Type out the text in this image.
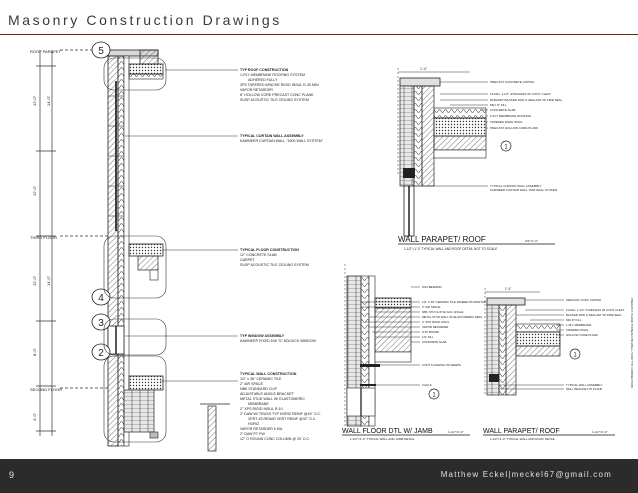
Masonry Construction Drawings
12'-0"
12'-0"
12'-0"
8'-0"
14'-0"
14'-0"
4'-0"
ROOF PARAPET
THIRD FLOOR
SECOND FLOOR
5
4
3
2
TYP ROOF CONSTRUCTION
1-PLY MEMBRANE ROOFING SYSTEM
ADHERED FULLY
2PS TAPERED APACHE RIGID INSUL R-30 MIN
VAPOR RETARDER
8" HOLLOW CORE PRECAST CONC PLANK
SUSP ACOUSTIC TILE CEILING SYSTEM
TYPICAL CURTAIN WALL ASSEMBLY
KAWNEER CURTAIN WALL "1600 WALL SYSTEM"
TYPICAL FLOOR CONSTRUCTION
12" CONCRETE SLAB
CARPET
SUSP ACOUSTIC TILE CEILING SYSTEM
TYP WINDOW ASSEMBLY
KAWNEER FIXED 6X6 TC 8OLDICK WINDOW
TYPICAL WALL CONSTRUCTION
1/2" x 36" CERAMIC TILE
2" AIR SPACE
NBK STANDARD CLIP
ADJUSTABLE ANGLE BRACKET
METAL STUD WALL W/ ELASTOMERIC
MEMBRANE
2" XPS RIGID INSUL R-10
2" DAW W/ TRUSS TYP HORIZ REINF @16" O.C.
VERT #3 REBAR VERT REINF @32" O.C.
HORIZ
VAPOR RETARDER 6 MIL
2" DAW PT PW
12" O ROUND CONC COLUMN @ 20' O.C.
1'-4"
1
PRECAST CONCRETE COPING
FLASH. 1-1/2" STAINLESS W/ CONT. CLEAT
PARAPET BACKER ROD & SEALANT W/ FIRE SEAL
MIN. 8" FILL
CONCRETE SLAB
1-PLY MEMBRANE ROOFING
TAPERED RIGID INSUL
PRECAST HOLLOW CORE PLANK
TYPICAL CURTAIN WALL ASSEMBLY
KAWNEER CURTAIN WALL 1600 WALL SYSTEM
WALL PARAPET/ ROOF	3/4"=1'-0"
1-1/2"=1'-0" TYPICAL WALL AND ROOF DETAIL NOT TO SCALE
1
W14 BEARING
1/2" X 36" CERAMIC TILE VENEER W/ MORTAR
2" AIR SPACE
NBK STD CLIP W/ ADJ. ANGLE
METAL STUD WALL W/ ELASTOMERIC MEM.
2" XPS RIGID INSUL
VAPOR RETARDER
GYP BOARD
1/2" FILL
CONCRETE SLAB
CONT FLASHING W/ WEEPS
CAULK
WALL FLOOR DTL W/ JAMB	1-1/2"=1'-0"
1-1/2"=1'-0" TYPICAL WALL AND JAMB DETAIL
1'-4"
1
PRECAST CONC COPING
FLASH. 1-1/2" STAINLESS W/ CONT CLEAT
BACKER ROD & SEALANT W/ FIRE SEAL
MIN 8" FILL
1-PLY MEMBRANE
TAPERED INSUL
HOLLOW CORE PLANK
TYPICAL WALL ASSEMBLY
WALL BRACKET AT PLANK
PRECAST PLANK TO BEAR ON WALL / FOR TYP. CONNECTION
WALL PARAPET/ ROOF	1-1/2"=1'-0"
1-1/2"=1'-0" TYPICAL WALL AND ROOF DETAIL
9	Matthew Eckel|meckel67@gmail.com
